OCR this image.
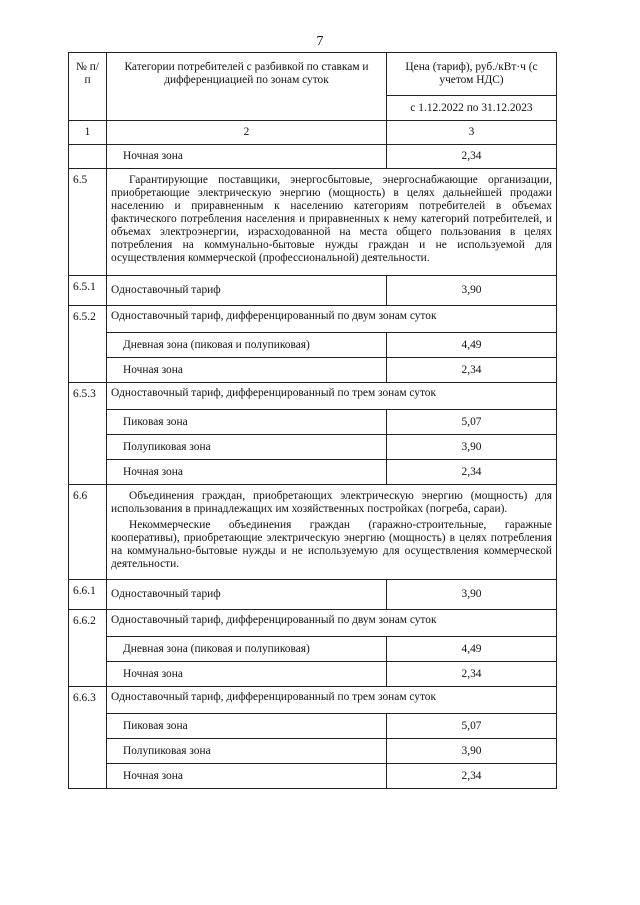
7
№ п/п	Категории потребителей с разбивкой по ставкам и дифференциацией по зонам суток	Цена (тариф), руб./кВт·ч (с учетом НДС)
		с 1.12.2022 по 31.12.2023
1	2	3
	Ночная зона	2,34
6.5	Гарантирующие поставщики, энергосбытовые, энергоснабжающие организации, приобретающие электрическую энергию (мощность) в целях дальнейшей продажи населению и приравненным к населению категориям потребителей в объемах фактического потребления населения и приравненных к нему категорий потребителей, и объемах электроэнергии, израсходованной на места общего пользования в целях потребления на коммунально-бытовые нужды граждан и не используемой для осуществления коммерческой (профессиональной) деятельности.	
6.5.1	Одноставочный тариф	3,90
6.5.2	Одноставочный тариф, дифференцированный по двум зонам суток	
	Дневная зона (пиковая и полупиковая)	4,49
	Ночная зона	2,34
6.5.3	Одноставочный тариф, дифференцированный по трем зонам суток	
	Пиковая зона	5,07
	Полупиковая зона	3,90
	Ночная зона	2,34
6.6	Объединения граждан, приобретающих электрическую энергию (мощность) для использования в принадлежащих им хозяйственных постройках (погреба, сараи).

Некоммерческие объединения граждан (гаражно-строительные, гаражные кооперативы), приобретающие электрическую энергию (мощность) в целях потребления на коммунально-бытовые нужды и не используемую для осуществления коммерческой деятельности.	

6.6.1	Одноставочный тариф	3,90
6.6.2	Одноставочный тариф, дифференцированный по двум зонам суток	
	Дневная зона (пиковая и полупиковая)	4,49
	Ночная зона	2,34
6.6.3	Одноставочный тариф, дифференцированный по трем зонам суток	
	Пиковая зона	5,07
	Полупиковая зона	3,90
	Ночная зона	2,34
